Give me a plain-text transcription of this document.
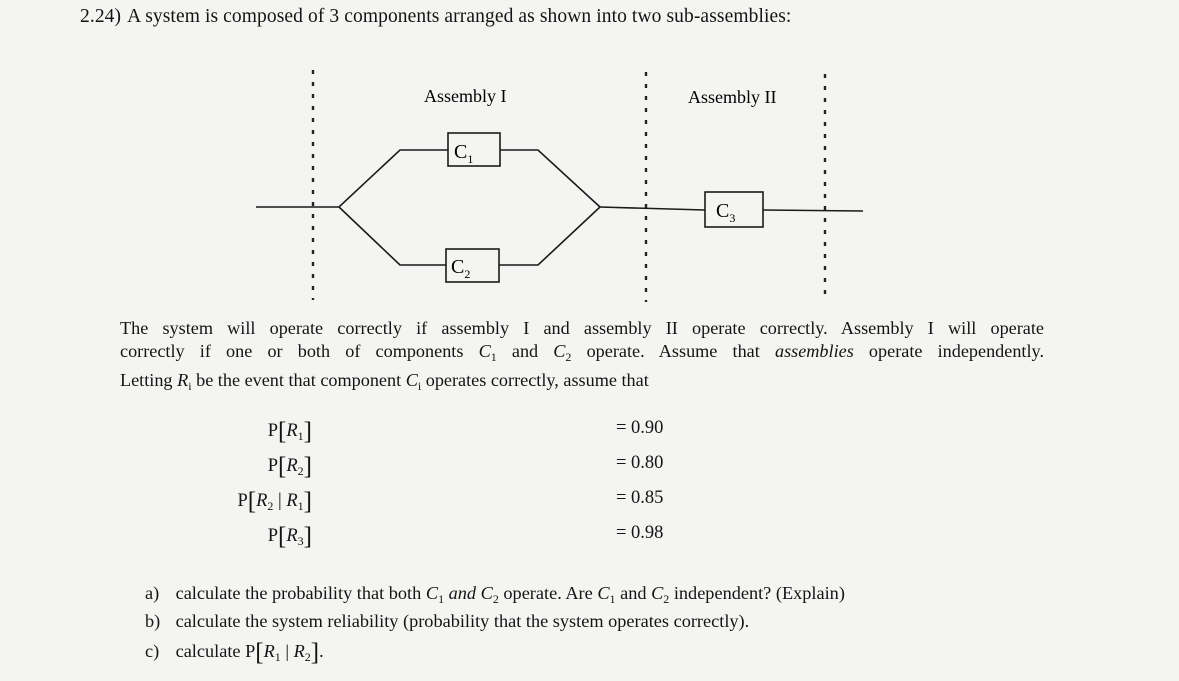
2.24) A system is composed of 3 components arranged as shown into two sub-assemblies:
Assembly I	Assembly II
$C_1$
$C_2$
$C_3$
The system will operate correctly if assembly I and assembly II operate correctly. Assembly I will operate
correctly if one or both of components $C_1$ and $C_2$ operate. Assume that assemblies operate independently.
Letting $R_i$ be the event that component $C_i$ operates correctly, assume that
$P[R_1]$	= 0.90
$P[R_2]$	= 0.80
$P[R_2$ | $R_1$]	= 0.85
$P[R_3]$	= 0.98
a) calculate the probability that both $C_1$ and $C_2$ operate. Are $C_1$ and $C_2$ independent? (Explain)
b) calculate the system reliability (probability that the system operates correctly).
c) calculate $P[R_1$ | $R_2$].
